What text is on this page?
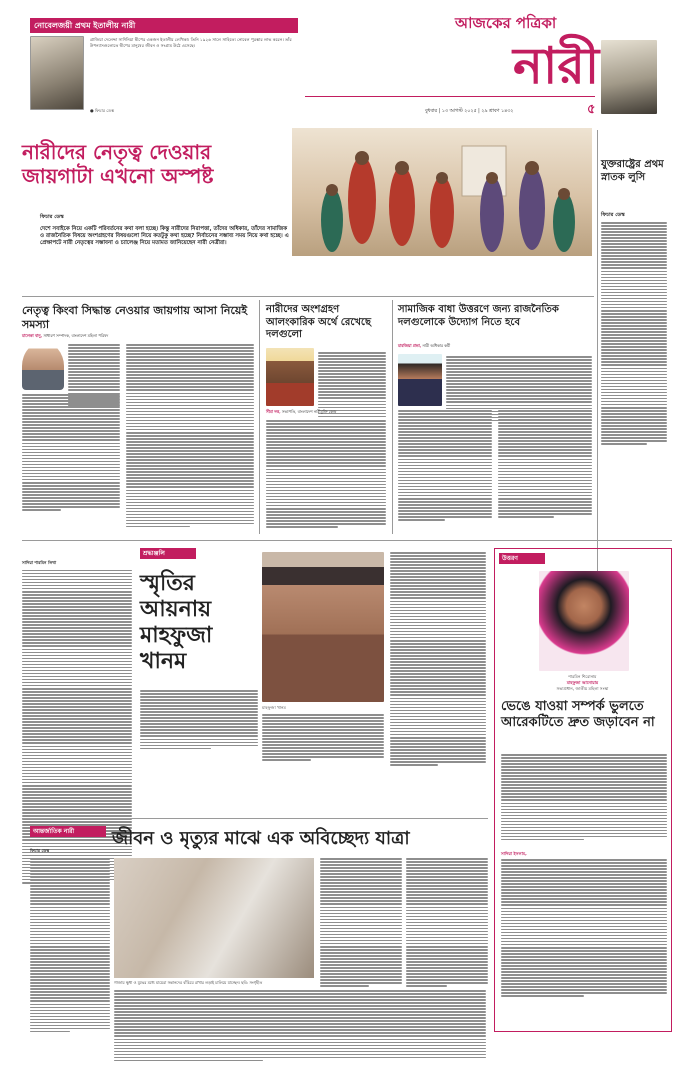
নোবেলজয়ী প্রথম ইতালীয় নারী
গ্রাজিয়া দেলেদ্দা সার্দিনিয়া দ্বীপের একজন ইতালীয় লেখিকা। তিনি ১৯২৬ সালে সাহিত্যে নোবেল পুরস্কার লাভ করেন। তাঁর উপন্যাসগুলোতে দ্বীপের মানুষের জীবন ও সংগ্রাম উঠে এসেছে।
● ফিচার ডেস্ক
আজকের পত্রিকা
নারী
বুধবার | ১৩ আগস্ট ২০২৫ | ২৯ শ্রাবণ ১৪৩২	৫
যুক্তরাষ্ট্রের প্রথম স্নাতক লুসি
ফিচার ডেস্ক
নারীদের নেতৃত্ব দেওয়ার
জায়গাটা এখনো অস্পষ্ট
ফিচার ডেস্ক
দেশে সবাইকে নিয়ে একটি পরিবর্তনের কথা বলা হচ্ছে। কিন্তু নারীদের নিরাপত্তা, তাঁদের অধিকার, তাঁদের সামাজিক ও রাজনৈতিক বিষয়ে অংশগ্রহণের বিষয়গুলো নিয়ে কতটুকু কথা হচ্ছে? নির্বাচনের সম্ভাব্য সময় নিয়ে কথা হচ্ছে। এ প্রেক্ষাপটে নারী নেতৃত্বের সম্ভাবনা ও চ্যালেঞ্জ নিয়ে মতামত জানিয়েছেন নারী নেত্রীরা।
নেতৃত্ব কিংবা সিদ্ধান্ত নেওয়ার জায়গায় আসা নিয়েই সমস্যা
মালেকা বানু, সাধারণ সম্পাদক, বাংলাদেশ মহিলা পরিষদ
নারীদের অংশগ্রহণ আলংকারিক অর্থে রেখেছে দলগুলো
সীমা দত্ত, সভাপতি, বাংলাদেশ নারীমুক্তি কেন্দ্র
সামাজিক বাধা উত্তরণে জন্য রাজনৈতিক দলগুলোকে উদ্যোগ নিতে হবে
মারজিয়া প্রভা, নারী অধিকার কর্মী
সাদিয়া শারমিন লিথা
শ্রদ্ধাঞ্জলি
স্মৃতির আয়নায় মাহফুজা খানম
মাহফুজা খানম
উত্তরণ
শারমিন শিরোনাম
মাহফুজা আনোয়ার
সভাপ্রধান, জাতীয় মহিলা সংস্থা
ভেঙে যাওয়া সম্পর্ক ভুলতে আরেকটিতে দ্রুত জড়াবেন না
সাদিয়া ইসলাম,
আন্তর্জাতিক নারী
ফিচার ডেস্ক
জীবন ও মৃত্যুর মাঝে এক অবিচ্ছেদ্য যাত্রা
গাজায় ক্ষুধা ও যুদ্ধের মধ্যে মায়েরা সন্তানদের বাঁচিয়ে রাখার লড়াই চালিয়ে যাচ্ছেন। ছবি: সংগৃহীত
